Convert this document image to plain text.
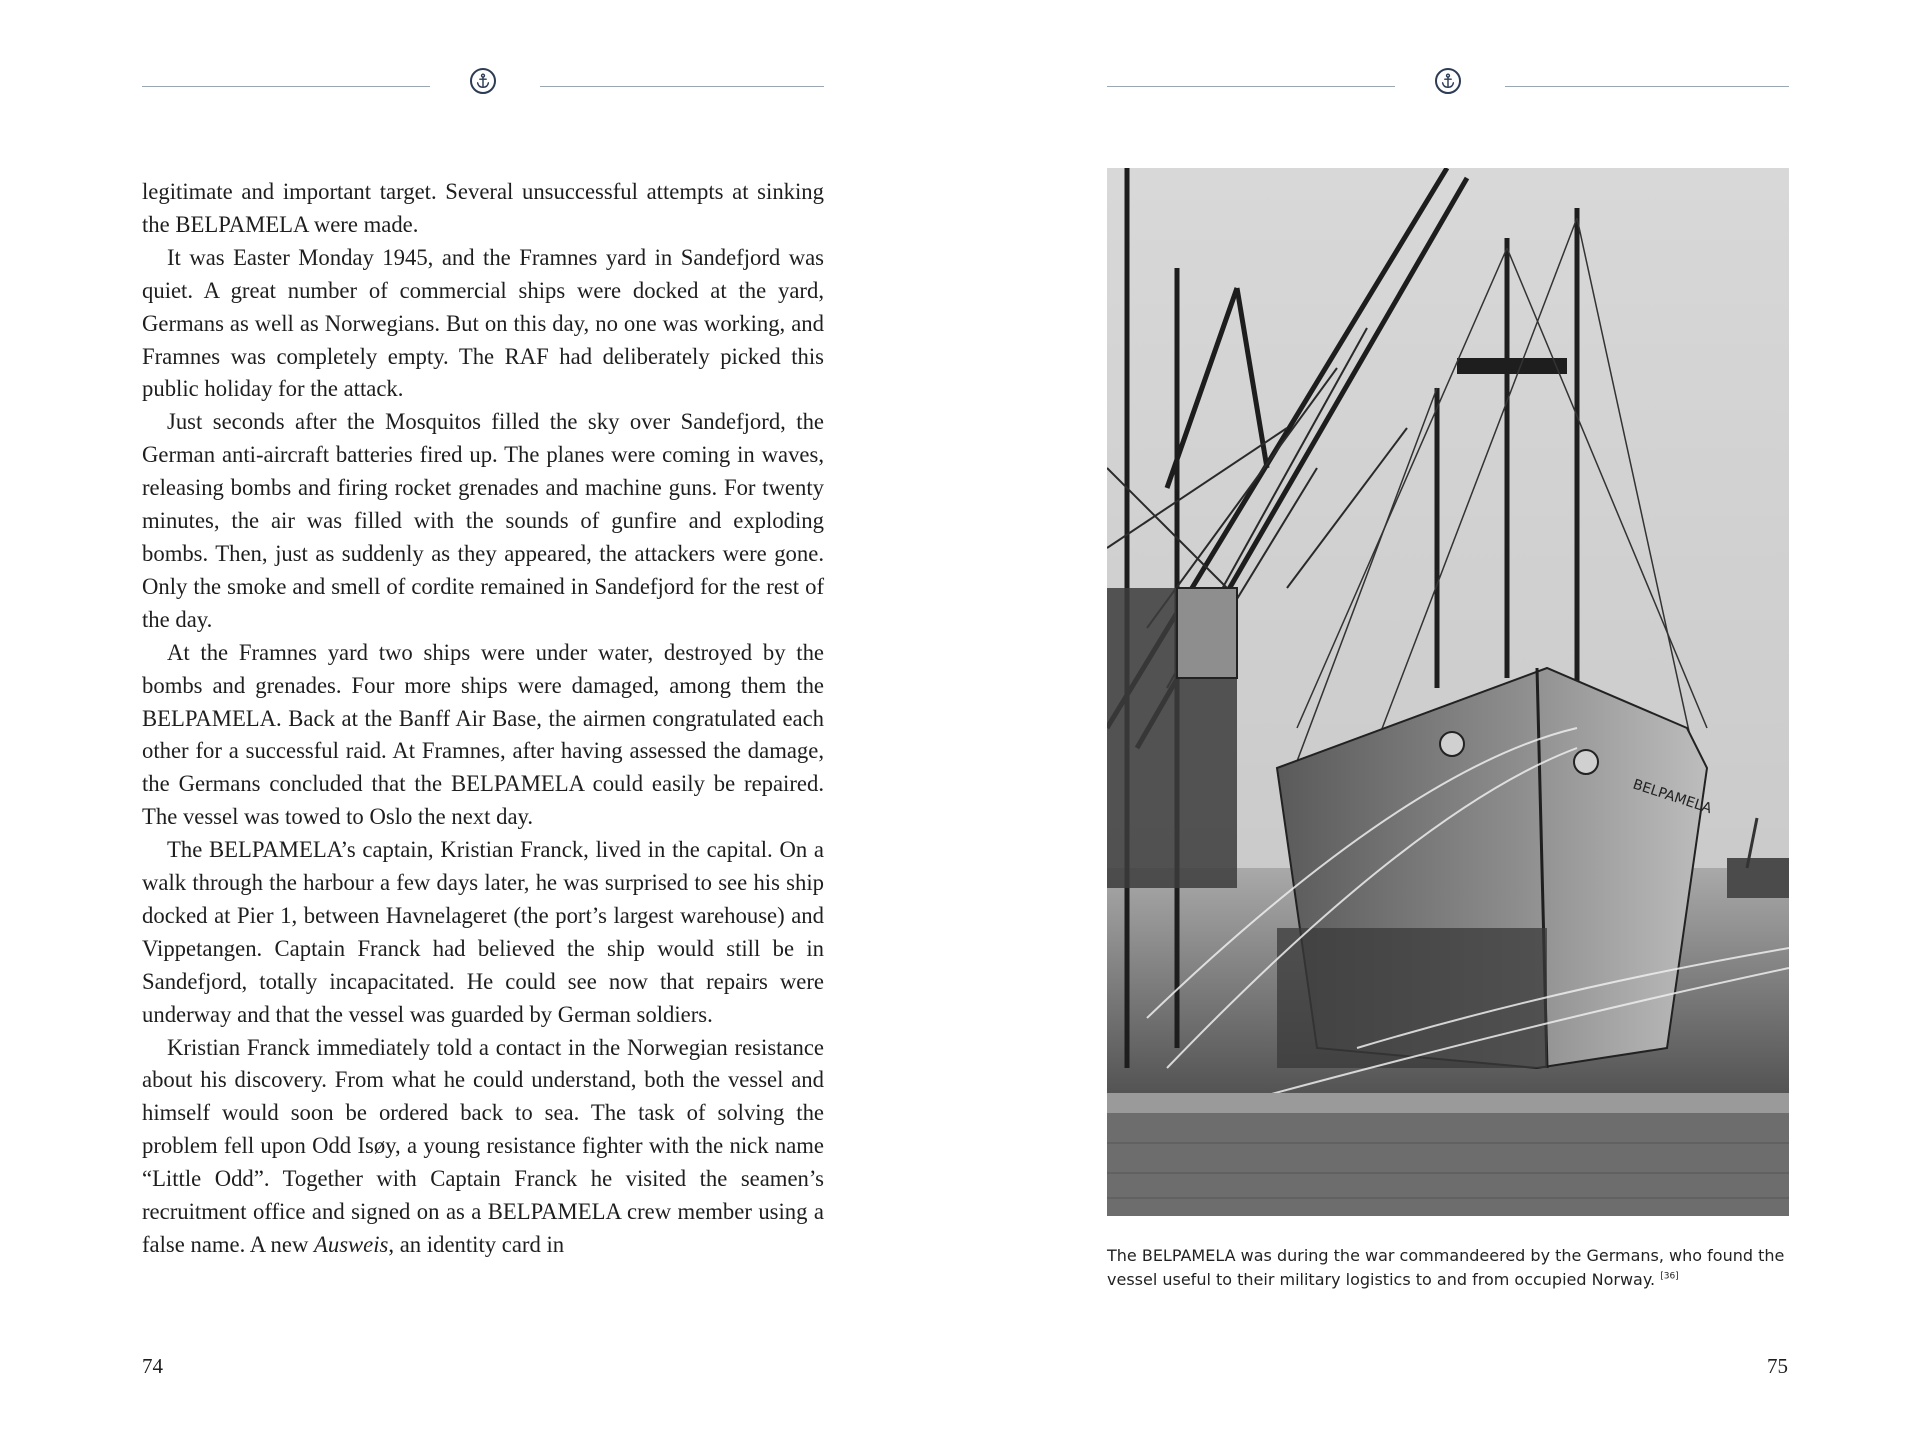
legitimate and important target. Several unsuccessful attempts at sinking the BELPAMELA were made.

It was Easter Monday 1945, and the Framnes yard in Sandefjord was quiet. A great number of commercial ships were docked at the yard, Germans as well as Norwegians. But on this day, no one was working, and Framnes was completely empty. The RAF had deliberately picked this public holiday for the attack.

Just seconds after the Mosquitos filled the sky over Sandefjord, the German anti-aircraft batteries fired up. The planes were coming in waves, releasing bombs and firing rocket grenades and machine guns. For twenty minutes, the air was filled with the sounds of gunfire and exploding bombs. Then, just as suddenly as they appeared, the attackers were gone. Only the smoke and smell of cordite remained in Sandefjord for the rest of the day.

At the Framnes yard two ships were under water, destroyed by the bombs and grenades. Four more ships were damaged, among them the BELPAMELA. Back at the Banff Air Base, the airmen congratulated each other for a successful raid. At Framnes, after having assessed the damage, the Germans concluded that the BELPAMELA could easily be repaired. The vessel was towed to Oslo the next day.

The BELPAMELA’s captain, Kristian Franck, lived in the capital. On a walk through the harbour a few days later, he was surprised to see his ship docked at Pier 1, between Havnelageret (the port’s largest warehouse) and Vippetangen. Captain Franck had believed the ship would still be in Sandefjord, totally incapacitated. He could see now that repairs were underway and that the vessel was guarded by German soldiers.

Kristian Franck immediately told a contact in the Norwegian resistance about his discovery. From what he could understand, both the vessel and himself would soon be ordered back to sea. The task of solving the problem fell upon Odd Isøy, a young resistance fighter with the nick name “Little Odd”. Together with Captain Franck he visited the seamen’s recruitment office and signed on as a BELPAMELA crew member using a false name. A new Ausweis, an identity card in

74
BELPAMELA
The BELPAMELA was during the war commandeered by the Germans, who found the vessel useful to their military logistics to and from occupied Norway. [36]
75
